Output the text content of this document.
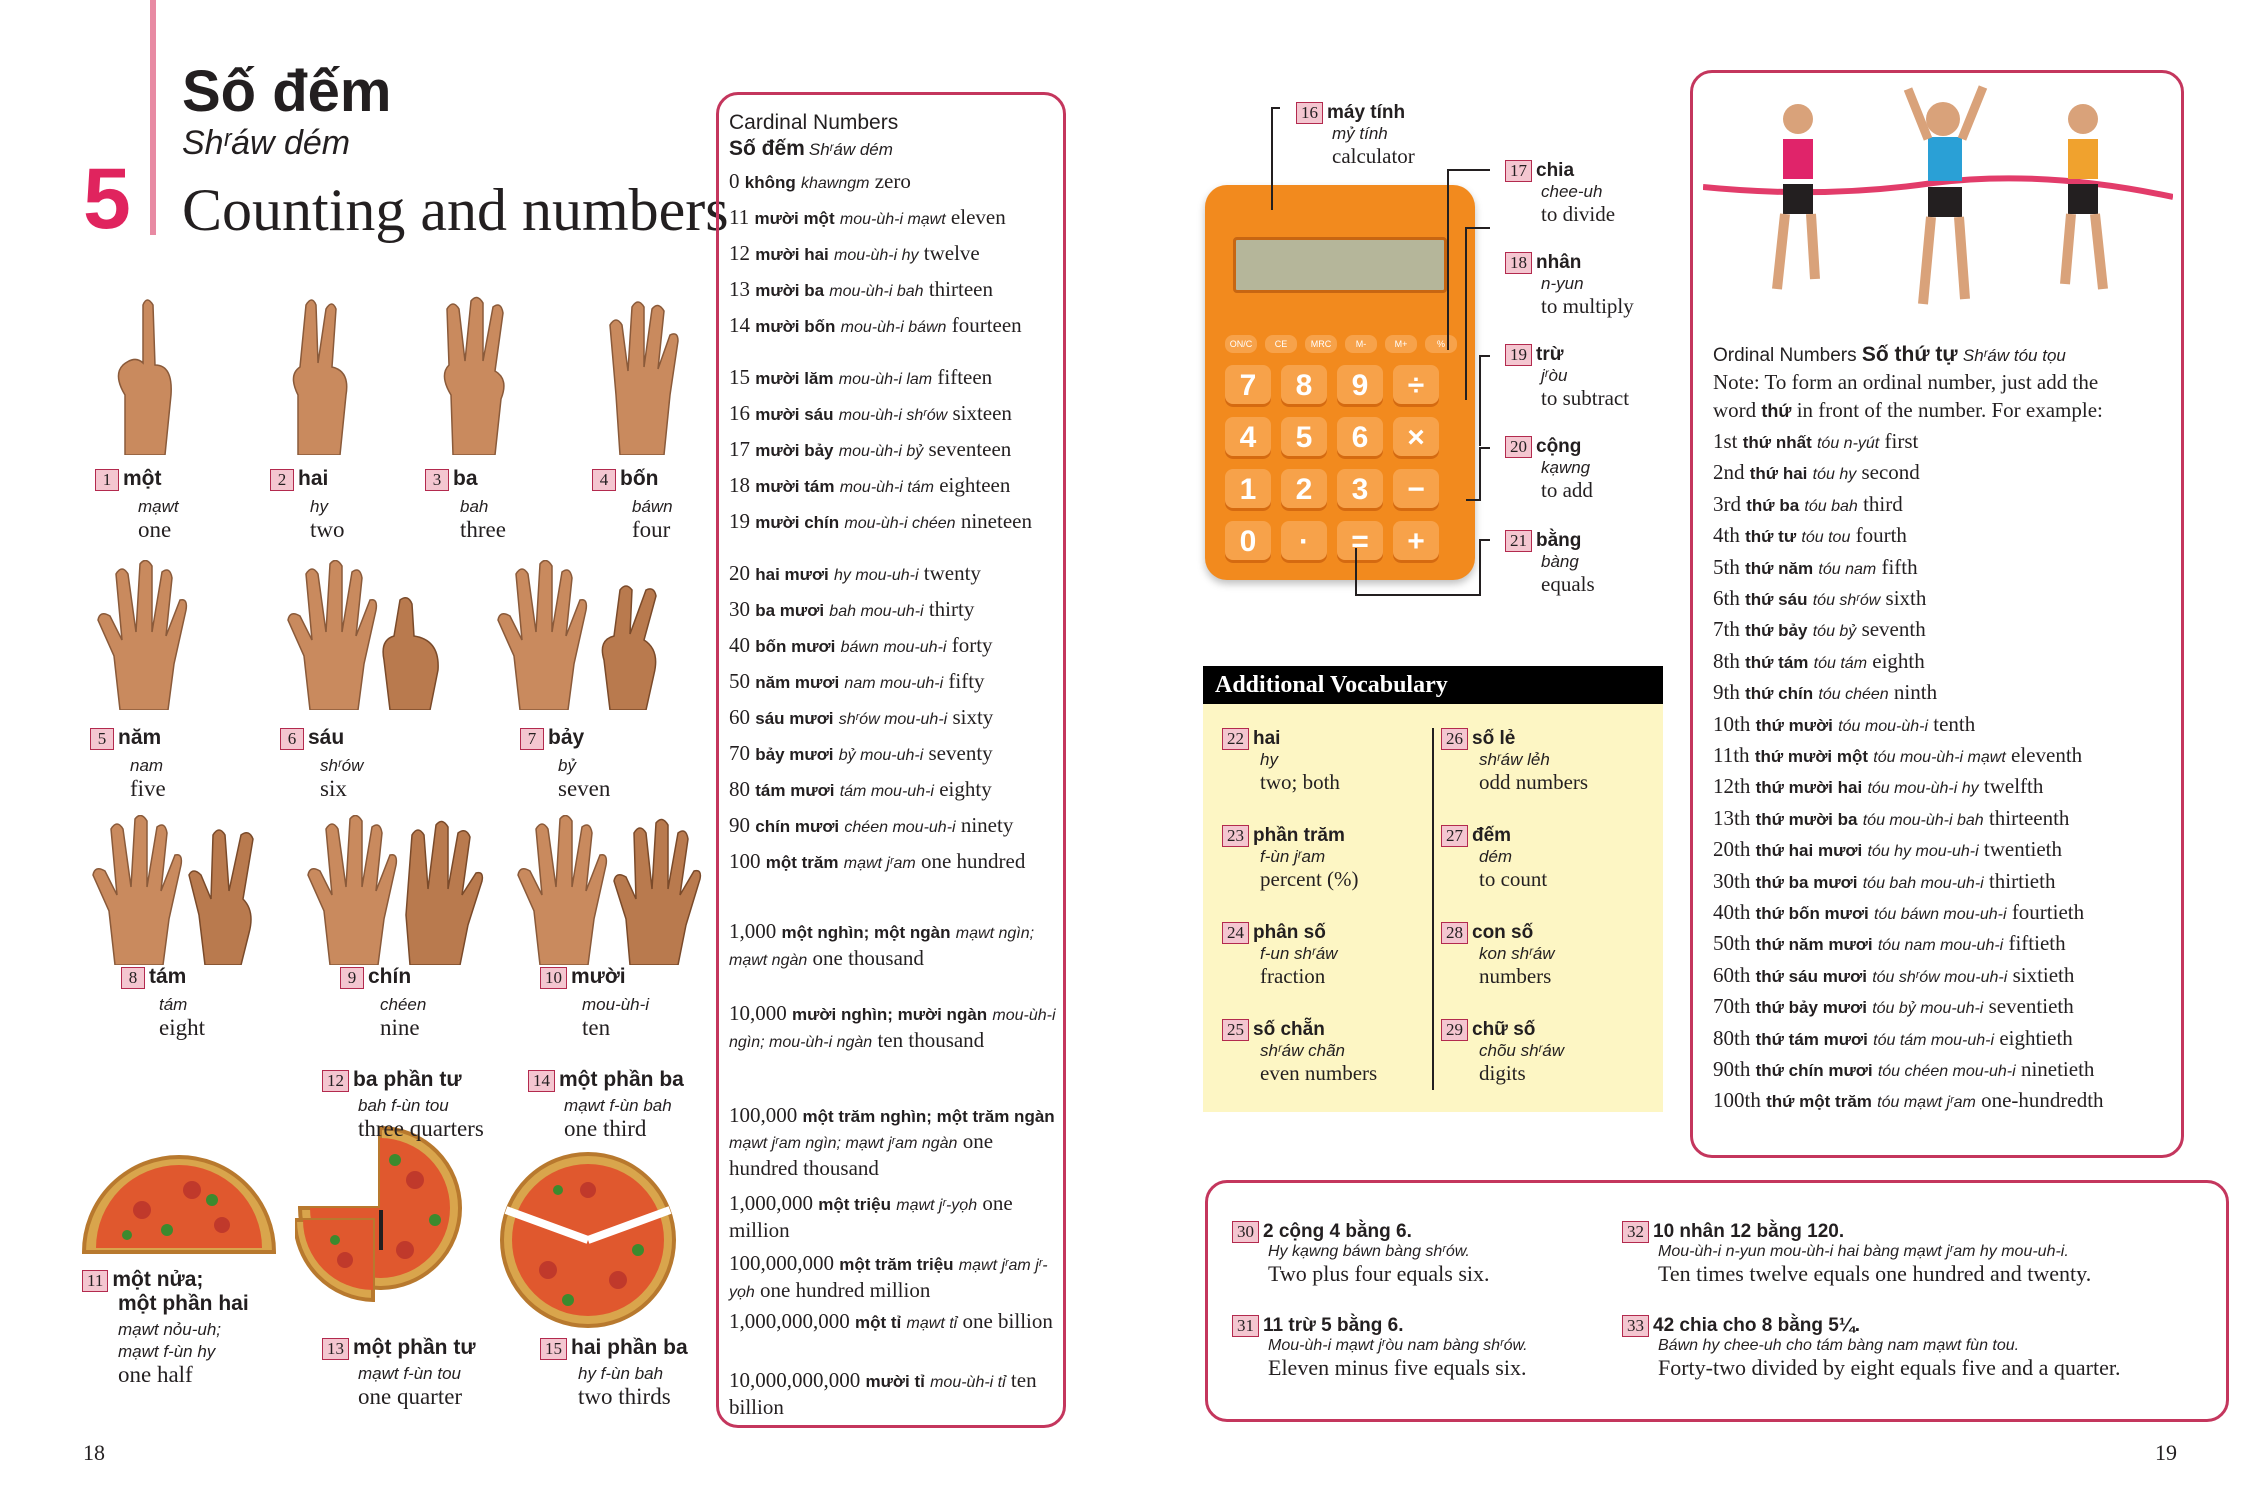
5
Số đếm
Shʳáw dém
Counting and numbers
1 một
mạwt
one
2 hai
hy
two
3 ba
bah
three
4 bốn
báwn
four
5 năm
nam
five
6 sáu
shʳów
six
7 bảy
bỷ
seven
8 tám
tám
eight
9 chín
chéen
nine
10 mười
mou-ùh-i
ten
11 một nửa;
một phần hai
mạwt nỏu-uh;
mạwt f-ùn hy
one half
12 ba phần tư
bah f-ùn tou
three quarters
13 một phần tư
mạwt f-ùn tou
one quarter
14 một phần ba
mạwt f-ùn bah
one third
15 hai phần ba
hy f-ùn bah
two thirds
Cardinal Numbers
Số đếm Shʳáw dém
0 không khawngm zero
11 mười một mou-ùh-i mạwt eleven
12 mười hai mou-ùh-i hy twelve
13 mười ba mou-ùh-i bah thirteen
14 mười bốn mou-ùh-i báwn fourteen
15 mười lăm mou-ùh-i lam fifteen
16 mười sáu mou-ùh-i shʳów sixteen
17 mười bảy mou-ùh-i bỷ seventeen
18 mười tám mou-ùh-i tám eighteen
19 mười chín mou-ùh-i chéen nineteen
20 hai mươi hy mou-uh-i twenty
30 ba mươi bah mou-uh-i thirty
40 bốn mươi báwn mou-uh-i forty
50 năm mươi nam mou-uh-i fifty
60 sáu mươi shʳów mou-uh-i sixty
70 bảy mươi bỷ mou-uh-i seventy
80 tám mươi tám mou-uh-i eighty
90 chín mươi chéen mou-uh-i ninety
100 một trăm mạwt jʳam one hundred
1,000 một nghìn; một ngàn mạwt ngìn; mạwt ngàn one thousand
10,000 mười nghìn; mười ngàn mou-ùh-i ngìn; mou-ùh-i ngàn ten thousand
100,000 một trăm nghìn; một trăm ngàn mạwt jʳam ngìn; mạwt jʳam ngàn one hundred thousand
1,000,000 một triệu mạwt jʳ-yọh one million
100,000,000 một trăm triệu mạwt jʳam jʳ-yọh one hundred million
1,000,000,000 một tỉ mạwt tỉ one billion
10,000,000,000 mười tỉ mou-ùh-i tỉ ten billion
ON/C	CE	MRC	M-	M+	%
7	8	9	÷
4	5	6	×
1	2	3	−
0	·	=	+
16 máy tính
mỷ tính
calculator
17 chia
chee-uh
to divide
18 nhân
n-yun
to multiply
19 trừ
jʳòu
to subtract
20 cộng
kạwng
to add
21 bằng
bàng
equals
Additional Vocabulary
22 hai
hy
two; both
23 phần trăm
f-ùn jʳam
percent (%)
24 phân số
f-un shʳáw
fraction
25 số chẵn
shʳáw chãn
even numbers
26 số lẻ
shʳáw lẻh
odd numbers
27 đếm
dém
to count
28 con số
kon shʳáw
numbers
29 chữ số
chõu shʳáw
digits
Ordinal Numbers Số thứ tự Shʳáw tóu tọu
Note: To form an ordinal number, just add the
word thứ in front of the number. For example:
1st thứ nhất tóu n-yút first
2nd thứ hai tóu hy second
3rd thứ ba tóu bah third
4th thứ tư tóu tou fourth
5th thứ năm tóu nam fifth
6th thứ sáu tóu shʳów sixth
7th thứ bảy tóu bỷ seventh
8th thứ tám tóu tám eighth
9th thứ chín tóu chéen ninth
10th thứ mười tóu mou-ùh-i tenth
11th thứ mười một tóu mou-ùh-i mạwt eleventh
12th thứ mười hai tóu mou-ùh-i hy twelfth
13th thứ mười ba tóu mou-ùh-i bah thirteenth
20th thứ hai mươi tóu hy mou-uh-i twentieth
30th thứ ba mươi tóu bah mou-uh-i thirtieth
40th thứ bốn mươi tóu báwn mou-uh-i fourtieth
50th thứ năm mươi tóu nam mou-uh-i fiftieth
60th thứ sáu mươi tóu shʳów mou-uh-i sixtieth
70th thứ bảy mươi tóu bỷ mou-uh-i seventieth
80th thứ tám mươi tóu tám mou-uh-i eightieth
90th thứ chín mươi tóu chéen mou-uh-i ninetieth
100th thứ một trăm tóu mạwt jʳam one-hundredth
30 2 cộng 4 bằng 6.
Hy kạwng báwn bàng shʳów.
Two plus four equals six.
31 11 trừ 5 bằng 6.
Mou-ùh-i mạwt jʳòu nam bàng shʳów.
Eleven minus five equals six.
32 10 nhân 12 bằng 120.
Mou-ùh-i n-yun mou-ùh-i hai bàng mạwt jʳam hy mou-uh-i.
Ten times twelve equals one hundred and twenty.
33 42 chia cho 8 bằng 5¼.
Báwn hy chee-uh cho tám bàng nam mạwt fùn tou.
Forty-two divided by eight equals five and a quarter.
18	19
